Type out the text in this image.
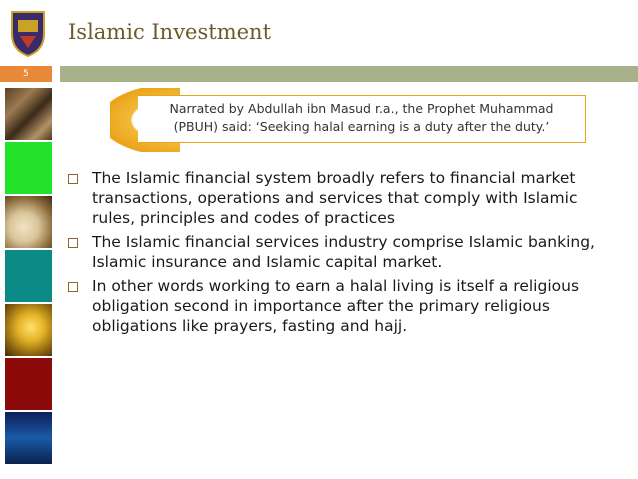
Islamic Investment
5
Narrated by Abdullah ibn Masud r.a., the Prophet Muhammad
(PBUH) said: ‘Seeking halal earning is a duty after the duty.’
The Islamic financial system broadly refers to financial market transactions, operations and services that comply with Islamic rules, principles and codes of practices
The Islamic financial services industry comprise Islamic banking, Islamic insurance and Islamic capital market.
In other words working to earn a halal living is itself a religious obligation second in importance after the primary religious obligations like prayers, fasting and hajj.
